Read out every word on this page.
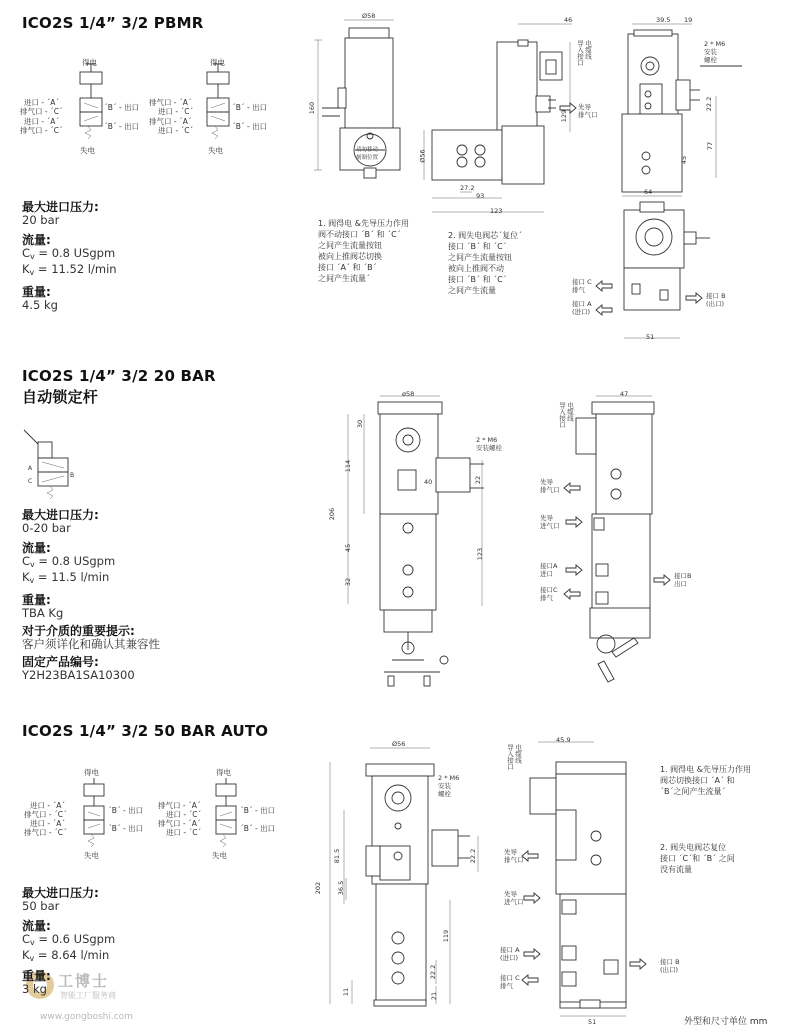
ICO2S 1/4” 3/2 PBMR
得电
进口 - ´A´
排气口 - ´C´
进口 - ´A´
排气口 - ´C´
´B´ - 出口
´B´ - 出口
失电
得电
排气口 - ´A´
进口 - ´C´
排气口 - ´A´
进口 - ´C´
´B´ - 出口
´B´ - 出口
失电
最大进口压力:
20 bar
流量:
$C_v = 0.8$ USgpm
$K_v = 11.52$ l/min
重量:
4.5 kg
1. 阀得电 &先导压力作用
阀不动接口 ´B´ 和 ´C´
之间产生流量按钮
被向上推阀芯切换
接口 ´A´ 和 ´B´
之间产生流量´
2. 阀失电阀芯´复位´
接口 ´B´ 和 ´C´
之间产生流量按钮
被向上推阀不动
接口 ´B´ 和 ´C´
之间产生流量
Ø58	46	39.5 19
160
129
Ø56
27.2
93
123
64
51
22.2
77
45
电缆线
导入接口	2 * M6
安装
螺栓
先导
排气口
接口 C
排气
接口 A
(进口)
接口 B
(出口)
请勿移动
刻制位置
ICO2S 1/4” 3/2 20 BAR
自动锁定杆
A
C
B
最大进口压力:
0-20 bar
流量:
$C_v = 0.8$ USgpm
$K_v = 11.5$ l/min
重量:
TBA Kg
对于介质的重要提示:
客户须详化和确认其兼容性
固定产品编号:
Y2H23BA1SA10300
ø58	47
30
114
206
45
32
40	22
123
2 * M6
安装螺栓
电缆线
导入接口
先导
排气口
先导
进气口
接口A
进口
接口C
排气
接口B
出口
ICO2S 1/4” 3/2 50 BAR AUTO
得电
进口 - ´A´
排气口 - ´C´
进口 - ´A´
排气口 - ´C´
´B´ - 出口
´B´ - 出口
失电
得电
排气口 - ´A´
进口 - ´C´
排气口 - ´A´
进口 - ´C´
´B´ - 出口
´B´ - 出口
失电
最大进口压力:
50 bar
流量:
$C_v = 0.6$ USgpm
$K_v = 8.64$ l/min
重量:
3 kg
1. 阀得电 &先导压力作用
阀芯切换接口 ´A´ 和
´B´之间产生流量´
2. 阀失电阀芯复位
接口 ´C´和 ´B´ 之间
没有流量
Ø56	45.9
81.5
36.5
202
119
22.2
22.2
11	21
51
2 * M6
安装
螺栓
电缆线
导入接口
先导
排气口
先导
进气口
接口 A
(进口)
接口 C
排气
接口 B
(出口)
外型和尺寸单位 mm
工博士
智能工厂服务商
www.gongboshi.com
